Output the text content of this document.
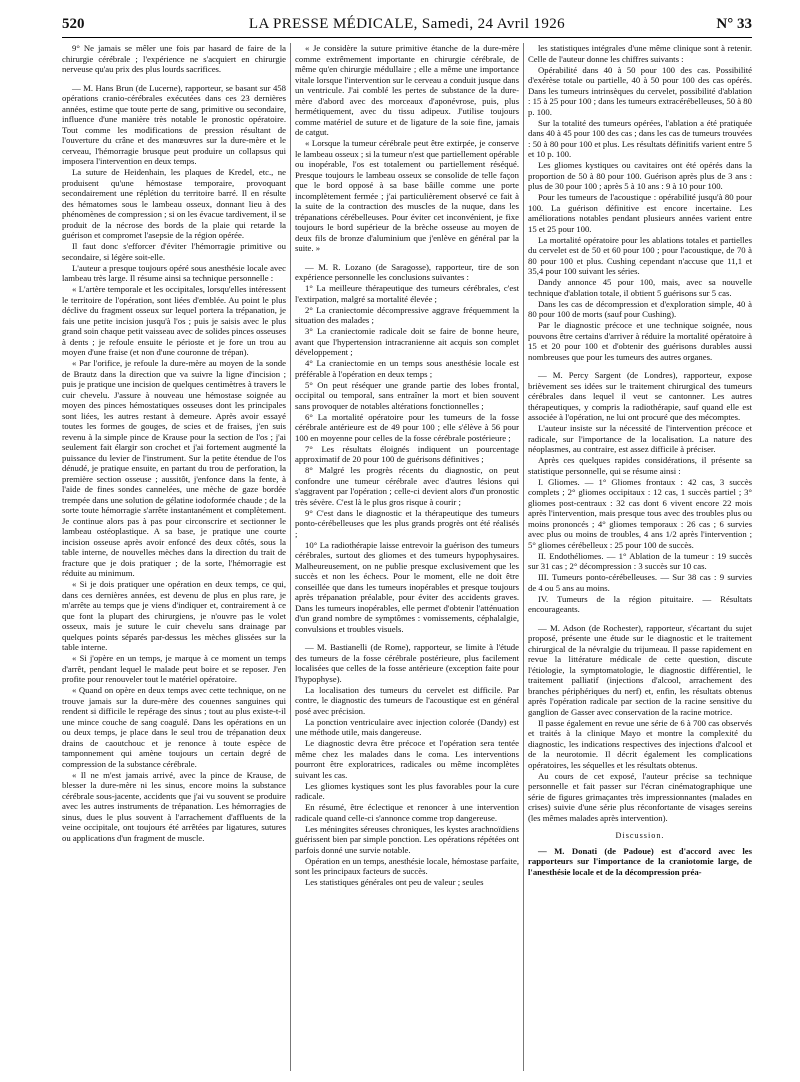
520	LA PRESSE MÉDICALE, Samedi, 24 Avril 1926	N° 33

9° Ne jamais se mêler une fois par hasard de faire de la chirurgie cérébrale ; l'expérience ne s'acquiert en chirurgie nerveuse qu'au prix des plus lourds sacrifices.

— M. Hans Brun (de Lucerne), rapporteur, se basant sur 458 opérations cranio-cérébrales exécutées dans ces 23 dernières années, estime que toute perte de sang, primitive ou secondaire, influence d'une manière très notable le pronostic opératoire. Tout comme les modifications de pression résultant de l'ouverture du crâne et des manœuvres sur la dure-mère et le cerveau, l'hémorragie brusque peut produire un collapsus qui imposera l'intervention en deux temps.

La suture de Heidenhain, les plaques de Kredel, etc., ne produisent qu'une hémostase temporaire, provoquant secondairement une réplétion du territoire barré. Il en résulte des hématomes sous le lambeau osseux, donnant lieu à des phénomènes de compression ; si on les évacue tardivement, il se produit de la nécrose des bords de la plaie qui retarde la guérison et compromet l'asepsie de la région opérée.

Il faut donc s'efforcer d'éviter l'hémorragie primitive ou secondaire, si légère soit-elle.

L'auteur a presque toujours opéré sous anesthésie locale avec lambeau très large. Il résume ainsi sa technique personnelle :

« L'artère temporale et les occipitales, lorsqu'elles intéressent le territoire de l'opération, sont liées d'emblée. Au point le plus déclive du fragment osseux sur lequel portera la trépanation, je fais une petite incision jusqu'à l'os ; puis je saisis avec le plus grand soin chaque petit vaisseau avec de solides pinces osseuses à dents ; je refoule ensuite le périoste et je fore un trou au moyen d'une fraise (et non d'une couronne de trépan).

« Par l'orifice, je refoule la dure-mère au moyen de la sonde de Brautz dans la direction que va suivre la ligne d'incision ; puis je pratique une incision de quelques centimètres à travers le cuir chevelu. J'assure à nouveau une hémostase soignée au moyen des pinces hémostatiques osseuses dont les principales sont liées, les autres restant à demeure. Après avoir essayé toutes les formes de gouges, de scies et de fraises, j'en suis revenu à la simple pince de Krause pour la section de l'os ; j'ai seulement fait élargir son crochet et j'ai fortement augmenté la puissance du levier de l'instrument. Sur la petite étendue de l'os dénudé, je pratique ensuite, en partant du trou de perforation, la première section osseuse ; aussitôt, j'enfonce dans la fente, à l'aide de fines sondes cannelées, une mèche de gaze bordée trempée dans une solution de gélatine iodoformée chaude ; de la sorte toute hémorragie s'arrête instantanément et complètement. Je continue alors pas à pas pour circonscrire et sectionner le lambeau ostéoplastique. A sa base, je pratique une courte incision osseuse après avoir enfoncé des deux côtés, sous la table interne, de nouvelles mèches dans la direction du trait de fracture que je dois pratiquer ; de la sorte, l'hémorragie est réduite au minimum.

« Si je dois pratiquer une opération en deux temps, ce qui, dans ces dernières années, est devenu de plus en plus rare, je m'arrête au temps que je viens d'indiquer et, contrairement à ce que font la plupart des chirurgiens, je n'ouvre pas le volet osseux, mais je suture le cuir chevelu sans drainage par quelques points séparés par-dessus les mèches glissées sur la table interne.

« Si j'opère en un temps, je marque à ce moment un temps d'arrêt, pendant lequel le malade peut boire et se reposer. J'en profite pour renouveler tout le matériel opératoire.

« Quand on opère en deux temps avec cette technique, on ne trouve jamais sur la dure-mère des couennes sanguines qui rendent si difficile le repérage des sinus ; tout au plus existe-t-il une mince couche de sang coagulé. Dans les opérations en un ou deux temps, je place dans le seul trou de trépanation deux drains de caoutchouc et je renonce à toute espèce de tamponnement qui amène toujours un certain degré de compression de la substance cérébrale.

« Il ne m'est jamais arrivé, avec la pince de Krause, de blesser la dure-mère ni les sinus, encore moins la substance cérébrale sous-jacente, accidents que j'ai vu souvent se produire avec les autres instruments de trépanation. Les hémorragies de sinus, dues le plus souvent à l'arrachement d'affluents de la veine occipitale, ont toujours été arrêtées par ligatures, sutures ou applications d'un fragment de muscle.

« Je considère la suture primitive étanche de la dure-mère comme extrêmement importante en chirurgie cérébrale, de même qu'en chirurgie médullaire ; elle a même une importance vitale lorsque l'intervention sur le cerveau a conduit jusque dans un ventricule. J'ai comblé les pertes de substance de la dure-mère d'abord avec des morceaux d'aponévrose, puis, plus hermétiquement, avec du tissu adipeux. J'utilise toujours comme matériel de suture et de ligature de la soie fine, jamais de catgut.

« Lorsque la tumeur cérébrale peut être extirpée, je conserve le lambeau osseux ; si la tumeur n'est que partiellement opérable ou inopérable, l'os est totalement ou partiellement réséqué. Presque toujours le lambeau osseux se consolide de telle façon que le bord opposé à sa base bâille comme une porte incomplètement fermée ; j'ai particulièrement observé ce fait à la suite de la contraction des muscles de la nuque, dans les trépanations cérébelleuses. Pour éviter cet inconvénient, je fixe toujours le bord supérieur de la brèche osseuse au moyen de deux fils de bronze d'aluminium que j'enlève en général par la suite. »

— M. R. Lozano (de Saragosse), rapporteur, tire de son expérience personnelle les conclusions suivantes :

1° La meilleure thérapeutique des tumeurs cérébrales, c'est l'extirpation, malgré sa mortalité élevée ;

2° La craniectomie décompressive aggrave fréquemment la situation des malades ;

3° La craniectomie radicale doit se faire de bonne heure, avant que l'hypertension intracranienne ait acquis son complet développement ;

4° La craniectomie en un temps sous anesthésie locale est préférable à l'opération en deux temps ;

5° On peut réséquer une grande partie des lobes frontal, occipital ou temporal, sans entraîner la mort et bien souvent sans provoquer de notables altérations fonctionnelles ;

6° La mortalité opératoire pour les tumeurs de la fosse cérébrale antérieure est de 49 pour 100 ; elle s'élève à 56 pour 100 en moyenne pour celles de la fosse cérébrale postérieure ;

7° Les résultats éloignés indiquent un pourcentage approximatif de 20 pour 100 de guérisons définitives ;

8° Malgré les progrès récents du diagnostic, on peut confondre une tumeur cérébrale avec d'autres lésions qui s'aggravent par l'opération ; celle-ci devient alors d'un pronostic très sévère. C'est là le plus gros risque à courir ;

9° C'est dans le diagnostic et la thérapeutique des tumeurs ponto-cérébelleuses que les plus grands progrès ont été réalisés ;

10° La radiothérapie laisse entrevoir la guérison des tumeurs cérébrales, surtout des gliomes et des tumeurs hypophysaires. Malheureusement, on ne publie presque exclusivement que les succès et non les échecs. Pour le moment, elle ne doit être conseillée que dans les tumeurs inopérables et presque toujours après trépanation préalable, pour éviter des accidents graves. Dans les tumeurs inopérables, elle permet d'obtenir l'atténuation d'un grand nombre de symptômes : vomissements, céphalalgie, convulsions et troubles visuels.

— M. Bastianelli (de Rome), rapporteur, se limite à l'étude des tumeurs de la fosse cérébrale postérieure, plus facilement localisées que celles de la fosse antérieure (exception faite pour l'hypophyse).

La localisation des tumeurs du cervelet est difficile. Par contre, le diagnostic des tumeurs de l'acoustique est en général posé avec précision.

La ponction ventriculaire avec injection colorée (Dandy) est une méthode utile, mais dangereuse.

Le diagnostic devra être précoce et l'opération sera tentée même chez les malades dans le coma. Les interventions pourront être exploratrices, radicales ou même incomplètes suivant les cas.

Les gliomes kystiques sont les plus favorables pour la cure radicale.

En résumé, être éclectique et renoncer à une intervention radicale quand celle-ci s'annonce comme trop dangereuse.

Les méningites séreuses chroniques, les kystes arachnoïdiens guérissent bien par simple ponction. Les opérations répétées ont parfois donné une survie notable.

Opération en un temps, anesthésie locale, hémostase parfaite, sont les principaux facteurs de succès.

Les statistiques générales ont peu de valeur ; seules

les statistiques intégrales d'une même clinique sont à retenir. Celle de l'auteur donne les chiffres suivants :

Opérabilité dans 40 à 50 pour 100 des cas. Possibilité d'exérèse totale ou partielle, 40 à 50 pour 100 des cas opérés. Dans les tumeurs intrinsèques du cervelet, possibilité d'ablation : 15 à 25 pour 100 ; dans les tumeurs extracérébelleuses, 50 à 80 p. 100.

Sur la totalité des tumeurs opérées, l'ablation a été pratiquée dans 40 à 45 pour 100 des cas ; dans les cas de tumeurs trouvées : 50 à 80 pour 100 et plus. Les résultats définitifs varient entre 5 et 10 p. 100.

Les gliomes kystiques ou cavitaires ont été opérés dans la proportion de 50 à 80 pour 100. Guérison après plus de 3 ans : plus de 30 pour 100 ; après 5 à 10 ans : 9 à 10 pour 100.

Pour les tumeurs de l'acoustique : opérabilité jusqu'à 80 pour 100. La guérison définitive est encore incertaine. Les améliorations notables pendant plusieurs années varient entre 15 et 25 pour 100.

La mortalité opératoire pour les ablations totales et partielles du cervelet est de 50 et 60 pour 100 ; pour l'acoustique, de 70 à 80 pour 100 et plus. Cushing cependant n'accuse que 11,1 et 35,4 pour 100 suivant les séries.

Dandy annonce 45 pour 100, mais, avec sa nouvelle technique d'ablation totale, il obtient 5 guérisons sur 5 cas.

Dans les cas de décompression et d'exploration simple, 40 à 80 pour 100 de morts (sauf pour Cushing).

Par le diagnostic précoce et une technique soignée, nous pouvons être certains d'arriver à réduire la mortalité opératoire à 15 et 20 pour 100 et d'obtenir des guérisons durables aussi nombreuses que pour les tumeurs des autres organes.

— M. Percy Sargent (de Londres), rapporteur, expose brièvement ses idées sur le traitement chirurgical des tumeurs cérébrales dans lequel il veut se cantonner. Les autres thérapeutiques, y compris la radiothérapie, sauf quand elle est associée à l'opération, ne lui ont procuré que des mécomptes.

L'auteur insiste sur la nécessité de l'intervention précoce et radicale, sur l'importance de la localisation. La nature des néoplasmes, au contraire, est assez difficile à préciser.

Après ces quelques rapides considérations, il présente sa statistique personnelle, qui se résume ainsi :

I. Gliomes. — 1° Gliomes frontaux : 42 cas, 3 succès complets ; 2° gliomes occipitaux : 12 cas, 1 succès partiel ; 3° gliomes post-centraux : 32 cas dont 6 vivent encore 22 mois après l'intervention, mais presque tous avec des troubles plus ou moins prononcés ; 4° gliomes temporaux : 26 cas ; 6 survies avec plus ou moins de troubles, 4 ans 1/2 après l'intervention ; 5° gliomes cérébelleux : 25 pour 100 de succès.

II. Endothéliomes. — 1° Ablation de la tumeur : 19 succès sur 31 cas ; 2° décompression : 3 succès sur 10 cas.

III. Tumeurs ponto-cérébelleuses. — Sur 38 cas : 9 survies de 4 ou 5 ans au moins.

IV. Tumeurs de la région pituitaire. — Résultats encourageants.

— M. Adson (de Rochester), rapporteur, s'écartant du sujet proposé, présente une étude sur le diagnostic et le traitement chirurgical de la névralgie du trijumeau. Il passe rapidement en revue la littérature médicale de cette question, discute l'étiologie, la symptomatologie, le diagnostic différentiel, le traitement palliatif (injections d'alcool, arrachement des branches périphériques du nerf) et, enfin, les résultats obtenus après l'opération radicale par section de la racine sensitive du ganglion de Gasser avec conservation de la racine motrice.

Il passe également en revue une série de 6 à 700 cas observés et traités à la clinique Mayo et montre la complexité du diagnostic, les indications respectives des injections d'alcool et de la neurotomie. Il décrit également les complications opératoires, les séquelles et les résultats obtenus.

Au cours de cet exposé, l'auteur précise sa technique personnelle et fait passer sur l'écran cinématographique une série de figures grimaçantes très impressionnantes (malades en crises) suivie d'une série plus réconfortante de visages sereins (les mêmes malades après intervention).

Discussion.

— M. Donati (de Padoue) est d'accord avec les rapporteurs sur l'importance de la craniotomie large, de l'anesthésie locale et de la décompression préa-
